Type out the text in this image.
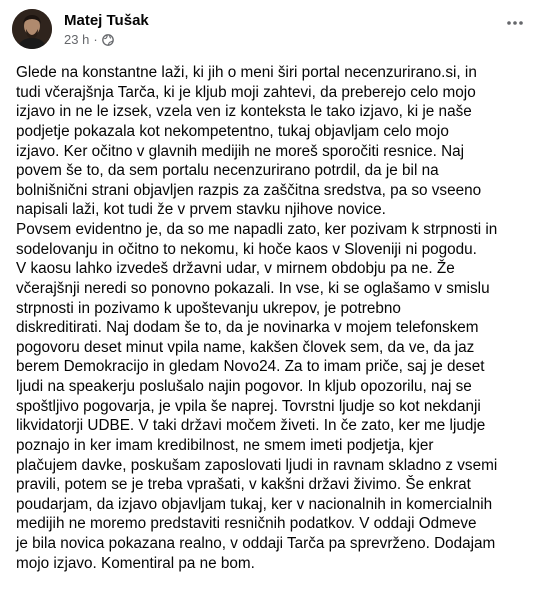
Matej Tušak
23 h ·
Glede na konstantne laži, ki jih o meni širi portal necenzurirano.si, in
tudi včerajšnja Tarča, ki je kljub moji zahtevi, da preberejo celo mojo
izjavo in ne le izsek, vzela ven iz konteksta le tako izjavo, ki je naše
podjetje pokazala kot nekompetentno, tukaj objavljam celo mojo
izjavo. Ker očitno v glavnih medijih ne moreš sporočiti resnice. Naj
povem še to, da sem portalu necenzurirano potrdil, da je bil na
bolnišnični strani objavljen razpis za zaščitna sredstva, pa so vseeno
napisali laži, kot tudi že v prvem stavku njihove novice.
Povsem evidentno je, da so me napadli zato, ker pozivam k strpnosti in
sodelovanju in očitno to nekomu, ki hoče kaos v Sloveniji ni pogodu.
V kaosu lahko izvedeš državni udar, v mirnem obdobju pa ne. Že
včerajšnji neredi so ponovno pokazali. In vse, ki se oglašamo v smislu
strpnosti in pozivamo k upoštevanju ukrepov, je potrebno
diskreditirati. Naj dodam še to, da je novinarka v mojem telefonskem
pogovoru deset minut vpila name, kakšen človek sem, da ve, da jaz
berem Demokracijo in gledam Novo24. Za to imam priče, saj je deset
ljudi na speakerju poslušalo najin pogovor. In kljub opozorilu, naj se
spoštljivo pogovarja, je vpila še naprej. Tovrstni ljudje so kot nekdanji
likvidatorji UDBE. V taki državi močem živeti. In če zato, ker me ljudje
poznajo in ker imam kredibilnost, ne smem imeti podjetja, kjer
plačujem davke, poskušam zaposlovati ljudi in ravnam skladno z vsemi
pravili, potem se je treba vprašati, v kakšni državi živimo. Še enkrat
poudarjam, da izjavo objavljam tukaj, ker v nacionalnih in komercialnih
medijih ne moremo predstaviti resničnih podatkov. V oddaji Odmeve
je bila novica pokazana realno, v oddaji Tarča pa sprevrženo. Dodajam
mojo izjavo. Komentiral pa ne bom.
